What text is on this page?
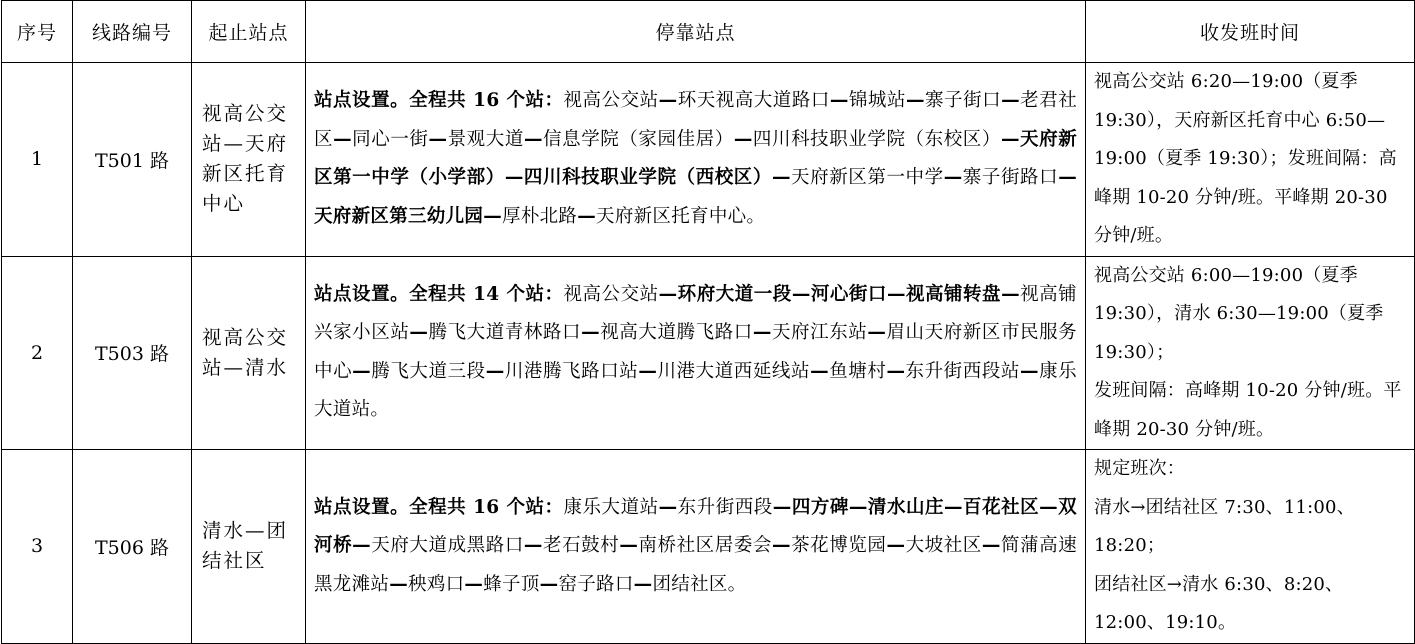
序号	线路编号	起止站点	停靠站点	收发班时间
1	T501 路	视高公交站—天府新区托育中心	站点设置。全程共 16 个站：视高公交站—环天视高大道路口—锦城站—寨子街口—老君社区—同心一街—景观大道—信息学院（家园佳居）—四川科技职业学院（东校区）—天府新区第一中学（小学部）—四川科技职业学院（西校区）—天府新区第一中学—寨子街路口—天府新区第三幼儿园—厚朴北路—天府新区托育中心。	视高公交站 6:20—19:00（夏季 19:30），天府新区托育中心 6:50—19:00（夏季 19:30）；发班间隔：高峰期 10-20 分钟/班。平峰期 20-30 分钟/班。

2	T503 路	视高公交站—清水	站点设置。全程共 14 个站：视高公交站—环府大道一段—河心街口—视高铺转盘—视高铺兴家小区站—腾飞大道青林路口—视高大道腾飞路口—天府江东站—眉山天府新区市民服务中心—腾飞大道三段—川港腾飞路口站—川港大道西延线站—鱼塘村—东升街西段站—康乐大道站。	视高公交站 6:00—19:00（夏季 19:30），清水 6:30—19:00（夏季 19:30）；
发班间隔：高峰期 10-20 分钟/班。平峰期 20-30 分钟/班。

3	T506 路	清水—团结社区	站点设置。全程共 16 个站：康乐大道站—东升街西段—四方碑—清水山庄—百花社区—双河桥—天府大道成黑路口—老石鼓村—南桥社区居委会—茶花博览园—大坡社区—简蒲高速黑龙滩站—秧鸡口—蜂子顶—窑子路口—团结社区。	规定班次：
清水→团结社区 7:30、11:00、18:20；
团结社区→清水 6:30、8:20、12:00、19:10。
